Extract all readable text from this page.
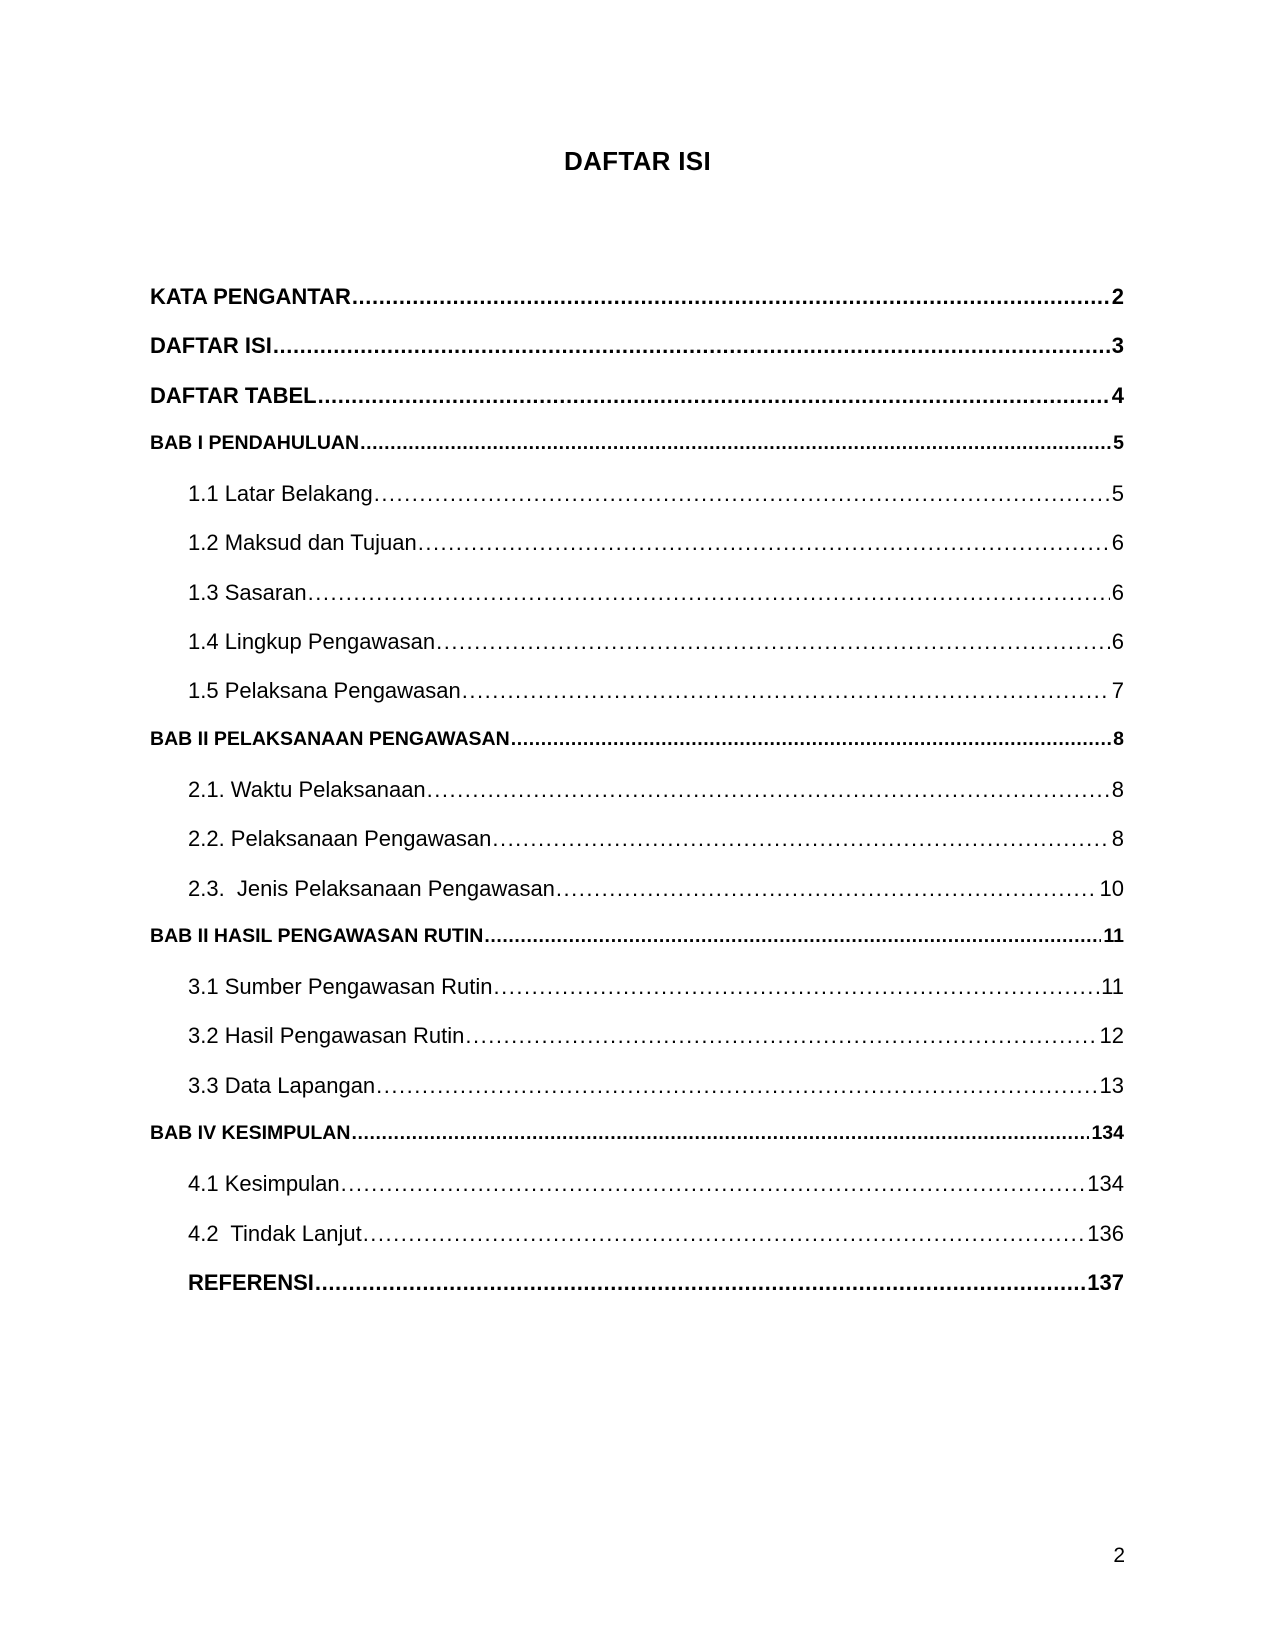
DAFTAR ISI
KATA PENGANTAR .....	2
DAFTAR ISI .....	3
DAFTAR TABEL .....	4
BAB I PENDAHULUAN .....	5
1.1 Latar Belakang .....	5
1.2 Maksud dan Tujuan .....	6
1.3 Sasaran .....	6
1.4 Lingkup Pengawasan .....	6
1.5 Pelaksana Pengawasan .....	7
BAB II PELAKSANAAN PENGAWASAN .....	8
2.1. Waktu Pelaksanaan .....	8
2.2. Pelaksanaan Pengawasan .....	8
2.3.  Jenis Pelaksanaan Pengawasan .....	10
BAB II HASIL PENGAWASAN RUTIN .....	11
3.1 Sumber Pengawasan Rutin .....	11
3.2 Hasil Pengawasan Rutin .....	12
3.3 Data Lapangan .....	13
BAB IV KESIMPULAN .....	134
4.1 Kesimpulan .....	134
4.2  Tindak Lanjut .....	136
REFERENSI .....	137
2
